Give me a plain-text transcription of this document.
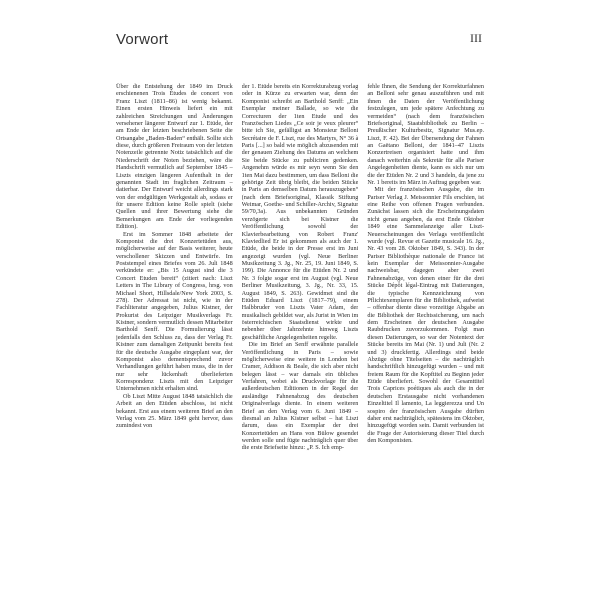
Vorwort	III

Über die Entstehung der 1849 im Druck erschienenen Trois Études de concert von Franz Liszt (1811–86) ist wenig bekannt. Einen ersten Hinweis liefert ein mit zahlreichen Streichungen und Änderungen versehener längerer Entwurf zur 1. Etüde, der am Ende der letzten beschriebenen Seite die Ortsangabe „Baden-Baden“ enthält. Sollte sich diese, durch größeren Freiraum von der letzten Notenzeile getrennte Notiz tatsächlich auf die Niederschrift der Noten beziehen, wäre die Handschrift vermutlich auf September 1845 – Liszts einzigen längeren Aufenthalt in der genannten Stadt im fraglichen Zeitraum – datierbar. Der Entwurf weicht allerdings stark von der endgültigen Werkgestalt ab, sodass er für unsere Edition keine Rolle spielt (siehe Quellen und ihrer Bewertung siehe die Bemerkungen am Ende der vorliegenden Edition).

Erst im Sommer 1848 arbeitete der Komponist die drei Konzertetüden aus, möglicherweise auf der Basis weiterer, heute verschollener Skizzen und Entwürfe. Im Poststempel eines Briefes vom 26. Juli 1848 verkündete er: „Bis 15 August sind die 3 Concert Etuden bereit“ (zitiert nach: Liszt Letters in The Library of Congress, hrsg. von Michael Short, Hillsdale/New York 2003, S. 278). Der Adressat ist nicht, wie in der Fachliteratur angegeben, Julius Kistner, der Prokurist des Leipziger Musikverlags Fr. Kistner, sondern vermutlich dessen Mitarbeiter Barthold Senff. Die Formulierung lässt jedenfalls den Schluss zu, dass der Verlag Fr. Kistner zum damaligen Zeitpunkt bereits fest für die deutsche Ausgabe eingeplant war, der Komponist also dementsprechend zuvor Verhandlungen geführt haben muss, die in der nur sehr lückenhaft überlieferten Korrespondenz Liszts mit den Leipziger Unternehmen nicht erhalten sind.

Ob Liszt Mitte August 1848 tatsächlich die Arbeit an den Etüden abschloss, ist nicht bekannt. Erst aus einem weiteren Brief an den Verlag vom 25. März 1849 geht hervor, dass zumindest von

der 1. Etüde bereits ein Korrekturabzug vorlag oder in Kürze zu erwarten war, denn der Komponist schreibt an Barthold Senff: „Ein Exemplar meiner Ballade, so wie die Correcturen der 1ten Etude und des Französchen Liedes „Ce soir je veux pleurer“ bitte ich Sie, gefälligst an Monsieur Belloni Secrétaire de F. Liszt, rue des Martyrs, N° 36 à Paris [...] so bald wie möglich abzusenden mit der genauen Ziehung des Datums an welchem Sie beide Stücke zu publiciren gedenken. Angenehm würde es mir seyn wenn Sie den 1ten Mai dazu bestimmen, um dass Belloni die gehörige Zeit übrig bleibt, die beiden Stücke in Paris an demselben Datum herauszugeben“ (nach dem Briefsoriginal, Klassik Stiftung Weimar, Goethe- und Schiller-Archiv, Signatur 59/70,3a). Aus unbekannten Gründen verzögerte sich bei Kistner die Veröffentlichung sowohl der Klavierbearbeitung von Robert Franz' Klaviedlied Er ist gekommen als auch der 1. Etüde, die beide in der Presse erst im Juni angezeigt wurden (vgl. Neue Berliner Musikzeitung 3. Jg., Nr. 25, 19. Juni 1849, S. 199). Die Annonce für die Etüden Nr. 2 und Nr. 3 folgte sogar erst im August (vgl. Neue Berliner Musikzeitung, 3. Jg., Nr. 33, 15. August 1849, S. 263). Gewidmet sind die Etüden Eduard Liszt (1817–79), einem Halbbruder von Liszts Vater Adam, der musikalisch gebildet war, als Jurist in Wien im österreichischen Staatsdienst wirkte und nebenher über Jahrzehnte hinweg Liszts geschäftliche Angelegenheiten regelte.

Die im Brief an Senff erwähnte parallele Veröffentlichung in Paris – sowie möglicherweise eine weitere in London bei Cramer, Addison & Beale, die sich aber nicht belegen lässt – war damals ein übliches Verfahren, wobei als Druckvorlage für die außerdeutschen Editionen in der Regel der ausländige Fahnenabzug des deutschen Originalverlags diente. In einem weiteren Brief an den Verlag vom 6. Juni 1849 – diesmal an Julius Kistner selbst – hat Liszt darum, dass ein Exemplar der drei Konzertetüden an Hans von Bülow gesendet werden solle und fügte nachträglich quer über die erste Briefseite hinzu: „P. S. Ich emp-

fehle Ihnen, die Sendung der Korrekturfahnen an Belloni sehr genau auszuführen und mit ihnen die Daten der Veröffentlichung festzulegen, um jede spätere Anfechtung zu vermeiden“ (nach dem französischen Briefsoriginal, Staatsbibliothek zu Berlin – Preußischer Kulturbesitz, Signatur Mus.ep. Liszt, F. 42). Bei der Übersendung der Fahnen an Gaëtano Belloni, der 1841–47 Liszts Konzertreisen organisiert hatte und ihm danach weiterhin als Sekretär für alle Pariser Angelegenheiten diente, kann es sich nur um die der Etüden Nr. 2 und 3 handeln, da jene zu Nr. 1 bereits im März in Auftrag gegeben war.

Mit der französischen Ausgabe, die im Pariser Verlag J. Meissonnier Fils erschien, ist eine Reihe von offenen Fragen verbunden. Zunächst lassen sich die Erscheinungsdaten nicht genau angeben, da erst Ende Oktober 1849 eine Sammelanzeige aller Liszt-Neuerscheinungen des Verlags veröffentlicht wurde (vgl. Revue et Gazette musicale 16. Jg., Nr. 43 vom 28. Oktober 1849, S. 343). In der Pariser Bibliothèque nationale de France ist kein Exemplar der Meissonnier-Ausgabe nachweisbar, dagegen aber zwei Fahnenabzüge, von denen einer für die drei Stücke Dépôt légal-Eintrag mit Datierungen, die typische Kennzeichnung von Pflichtexemplaren für die Bibliothek, aufweist – offenbar diente diese vorzeitige Abgabe an die Bibliothek der Rechtssicherung, um nach dem Erscheinen der deutschen Ausgabe Raubdrucken zuvorzukommen. Folgt man diesen Datierungen, so war der Notentext der Stücke bereits im Mai (Nr. 1) und Juli (Nr. 2 und 3) druckfertig. Allerdings sind beide Abzüge ohne Titelseiten – die nachträglich handschriftlich hinzugefügt wurden – und mit freiem Raum für die Kopftitel zu Beginn jeder Etüde überliefert. Sowohl der Gesamttitel Trois Caprices poétiques als auch die in der deutschen Erstausgabe nicht vorhandenen Einzeltitel Il lamento, La leggierezza und Un sospiro der französischen Ausgabe dürften daher erst nachträglich, spätestens im Oktober, hinzugefügt worden sein. Damit verbunden ist die Frage der Autorisierung dieser Titel durch den Komponisten.
